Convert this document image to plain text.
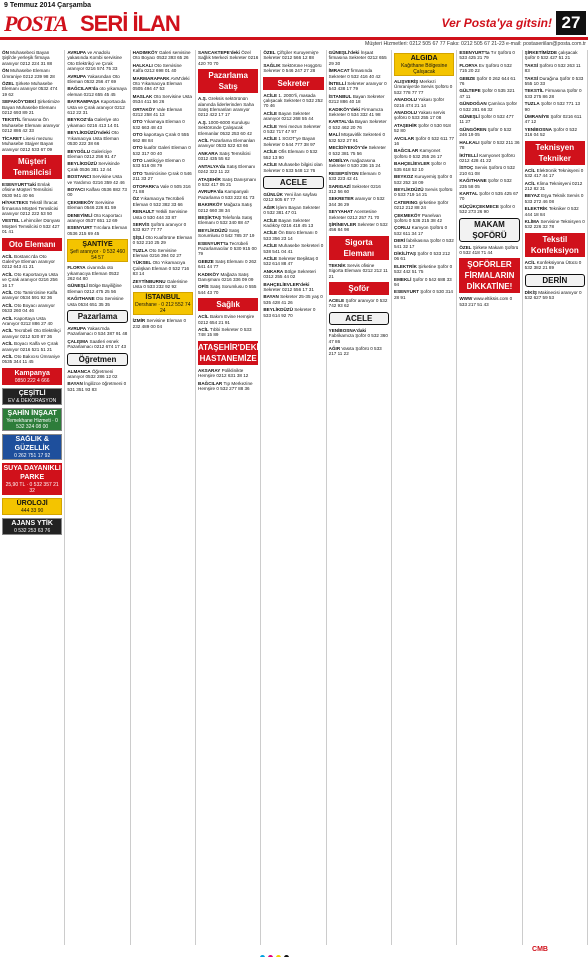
9 Temmuz 2014 Çarşamba
POSTA SERİ İLAN	Ver Posta'ya gitsin! 27
Müşteri Hizmetleri: 0212 505 67 77 Faks: 0212 505 67 21-23 e-mail: postaseriilan@posta.com.tr

ÖN Muhasebeci Bayan Şişli'de yerleşik firmaya aranıyor 0212 224 31 88

ÖN Muhasebe Elemanı Ümraniye 0212 239 98 28

ÖZEL Şirkete Muhasebe Elemanı aranıyor 0532 474 19 62

SEFAKÖY'DEKİ Şirketimize Bayan Muhasebe Elemanı 0212 693 89 21

TEKSTİL firmasına Ön Muhasebe Elemanı aranıyor 0212 886 42 33

TİCARET Lisesi mezunu Muhasebe Stajyer Bayan aranıyor 0212 533 67 09

Müşteri Temsilcisi

ESENYURT'taki Emlak ofisine Müşteri Temsilcisi 0530 941 40 66

HİYAKTEKS Tekstil İhracat firmasına Müşteri Temsilcisi aranıyor 0212 222 53 50

VESTEL Lehimciler Dünyası Müşteri Temsilcisi 0 532 427 01 41

Oto Elemanı

ACİL Bostancı'da Oto Galeri'ye Eleman aranıyor 0212 643 41 21

ACİL Oto Kaportacıya Usta ve Çırak aranıyor 0216 256 16 17

ACİL Oto Tamircisine Kalfa aranıyor 0534 591 92 36

ACİL Oto Boyacı aranıyor 0533 260 04 46

ACİL Kaportaya Usta Aranıyor 0212 886 27 40

ACİL Tecrübeli Oto Elektrikçi aranıyor 0212 520 87 36

ACİL Boyacı Kalfa ve Çırak aranıyor 0216 521 51 21

ACİL Oto Bakıcısı Ümraniye 0535 344 11 45

Kampanya
0850 222 4 666
ÇEŞİTLİ
EV & DEKORASYON
ŞAHİN İNŞAAT
Yemekhane Hizmeti · 0 532 324 08 00
SAĞLIK & GÜZELLİK
0 262 751 17 92
SUYA DAYANIKLI PARKE
25,90 TL · 0 532 357 21 32
ÜROLOJİ
444 33 90
AJANS YTİK
0 532 253 63 76

AVRUPA ve Anadolu yakasında Kombi servisine Oto Elektrikçi ve Çırak aranıyor 0216 574 75 33

AVRUPA Yakasından Oto Eleman 0532 256 47 69

BAĞCILAR'da oto yıkamaya eleman 0212 655 45 45

BAYRAMPAŞA Kaportacıda Usta ve Çırak aranıyor 0212 612 22 31

BEYKOZ'da Galeriye oto yıkamacı 0216 413 14 01

BEYLİKDÜZÜ'ndeki Oto Yıkamacıya Usta Eleman 0530 222 38 66

BEYOĞLU Galericiye Eleman 0212 256 91 47

BEYLİKDÜZÜ Servisinde Çırak 0536 381 12 44

BOSTANCI Servisine Usta ve Yardımcı 0216 359 42 46

BOYACI Kalfası 0536 882 73 00

ÇEKMEKÖY Servisine Eleman 0546 226 81 59

DENEYİMLİ Oto Kaportacı aranıyor 0537 651 12 69

ESENYURT Tırcılara Eleman 0536 215 69 45

ŞANTİYE
Şefi aranıyor · 0 532 460 54 57

FLORYA civarında oto yıkamacıya Eleman 0532 262 64 80

GÜNEŞLİ Bölge Bayiliğine Eleman 0212 475 25 56

KAĞITHANE Oto Servisine Usta 0534 651 35 35

Pazarlama

AVRUPA Yakası'nda Pazarlamacı 0 534 387 91 48

ÇALIŞMA Saatleri esnek Pazarlamacı 0212 674 17 43

Öğretmen

ALMANCA Öğretmeni aranıyor 0532 286 12 02

BAYAN İngilizce öğretmeni 0 531 351 93 83

HADIMKÖY Galeri servisine Oto Boyacı 0532 393 65 26

HALKALI Oto Servisine Kalfa 0212 698 01 40

MARMARAPARK AVM'deki Oto Yıkamacıya Eleman 0505 494 47 53

MASLAK Oto Servisine Usta 0534 411 56 26

ORTAKÖY Vale Eleman 0212 258 41 13

OTO Yıkamaya Eleman 0 532 663 48 43

OTO kaportaya Çırak 0 555 662 88 84

OTO kuaför Galeri Eleman 0 532 317 00 40

OTO Lastikçiye Eleman 0 533 516 08 79

OTO Tamircisine Çırak 0 546 211 33 27

OTOPARK'a Vale 0 505 316 71 88

ÖZ Yıkamacıya Tecrübeli Eleman 0 532 382 33 66

RENAULT Yetkili Servisine Usta 0 530 444 33 87

SERVİS Şoförü aranıyor 0 533 927 77 77

ŞİŞLİ Oto Kuaförüne Eleman 0 532 210 25 29

TUZLA Oto Servisine Eleman 0216 394 02 27

YÜKSEL Oto Yıkamacıya Çalışkan Eleman 0 532 716 83 14

ZEYTİNBURNU Galerisine Usta 0 533 232 92 92

İSTANBUL
Dershane · 0 212 552 74 24

İZMİR Servisine Eleman 0 232 489 00 04

SANCAKTEPE'deki Özel Sağlık Merkezi Sekreter 0216 420 70 70

Pazarlama Satış

A.Ş. Greksis sektörünün alanında liderlerinden Saha Satış Elemanları aranıyor 0212 422 17 17

A.Ş. 1000-6000 Kuruluşu Sektöründe Çalışacak Elemanlar 0532 253 60 42

ACİL Pazarlama Elemanları aranıyor 0533 522 63 66

ANKARA Satış Temsilcisi 0312 435 55 62

ANTALYA'da Satış Elemanı 0242 322 11 22

ATAŞEHİR Satış Danışmanı 0 532 417 05 21

AVRUPA'da Kampanyalı Pazarlama 0 533 222 61 73

BAKIRKÖY Mağaza Satış 0212 660 38 34

BEŞİKTAŞ Telefonla Satış Elemanı 0 532 340 88 47

BEYLİKDÜZÜ Satış Sorumlusu 0 542 785 37 19

ESENYURT'ta Tecrübeli Pazarlamacılar 0 530 915 00 79

GEBZE Satış Elemanı 0 262 641 44 77

KADIKÖY Mağaza Satış Danışmanı 0216 336 09 09

OFİS Satış Sorumlusu 0 555 544 43 70

Sağlık

ACİL Bakım Evine Hemşire 0212 654 21 91

ACİL Tıbbi Sekreter 0 533 748 15 89

ATAŞEHİR'DEKİ HASTANEMİZE

AKSARAY Poliklinikte Hemşire 0212 631 38 12

BAĞCILAR Tıp Merkezine Hemşire 0 532 277 88 36

ÖZEL Çiftçiler Kuruyemiş'e Sekreter 0212 566 12 88

SAĞLIK Sektörüne Hoşgörü Sekreter 0 546 247 27 28

Sekreter

ACİLE 1. 2000'li, masada çalışacak Sekreter 0 532 252 70 46

ACİLE Bayan Sekreter aranıyor 0212 268 55 44

ACİLE Yeni mezun Sekreter 0 532 717 47 97

ACİLE 1 SGOT'ye Bayan Sekreter 0 544 777 38 97

ACİLE Ofis Elemanı 0 532 552 13 90

ACİLE Muhasebe bilgisi olan Sekreter 0 533 548 12 76

ACELE

GÜNLÜK Yeni ilan sayfası 0212 505 67 77

AĞIR İşlem Bayan Sekreter 0 532 381 47 01

ACİLE Bayan Sekreter Kadıköy 0216 418 45 13

ACİLE Ön Büro Elemanı 0 533 356 23 14

ACİLE Muhasebe Sekreteri 0 538 541 04 41

ACİLE Sekreter Beşiktaş 0 532 614 88 47

ANKARA Bölge Sekreteri 0312 255 44 02

BAHÇELİEVLER'deki Sekreter 0212 556 17 31

BAYAN Sekreter 25-35 yaş 0 535 428 41 26

BEYLİKDÜZÜ Sekreter 0 533 614 92 70

GÜNEŞLİ'deki İnşaat firmasına Sekreter 0212 655 29 30

İMRACAT firmasında Sekreter 0 532 416 40 42

İNTELLİ Sekreter aranıyor 0 543 438 17 79

İSTANBUL Bayan Sekreter 0212 886 40 18

KADIKÖY'deki Firmamıza Sekreter 0 534 332 41 98

KARTAL'da Bayan Sekreter 0 532 462 20 76

MALİ Müşavirlik Sekreteri 0 532 522 27 91

MECİDİYEKÖY'de Sekreter 0 532 381 75 56

MOBİLYA mağazasına Sekreter 0 530 236 15 24

RESEPSİYON Elemanı 0 533 223 42 41

SARIGAZİ Sekreter 0216 312 56 60

SEKRETER aranıyor 0 532 344 36 29

SEYYAHAT Acentesine Sekreter 0212 257 71 70

ŞİRİNEVLER Sekreter 0 532 456 84 98

Sigorta Elemanı

TEKNİK Servis ofisine Sigorta Elemanı 0212 212 11 21

Şoför

ACELE Şoför aranıyor 0 532 742 93 62

ACELE

YENİBOSNA'daki Fabrikamıza Şoför 0 532 360 47 86

AĞIR Vasıta Şoförü 0 533 217 11 22

ALGIDA
Kağıthane Bölgesine Çalışacak

ALIŞVERİŞ Merkezi Ümraniye'de Servis Şoförü 0 532 778 77 77

ANADOLU Yakası Şoför 0216 474 21 14

ANADOLU Yakası servis şoförü 0 533 255 17 08

ATAŞEHİR Şoför 0 530 918 52 80

AVCILAR Şoför 0 532 611 77 16

BAĞCILAR Kamyonet Şoförü 0 532 255 26 17

BAHÇELİEVLER Şoför 0 535 618 52 10

BEYKOZ Kuruyemiş Şoför 0 532 252 18 09

BEYLİKDÜZÜ Servis Şoförü 0 533 719 14 21

CATERING şirketine Şoför 0212 212 88 24

ÇEKMEKÖY Panelvan Şoförü 0 536 215 38 42

ÇORLU Kamyon Şoförü 0 532 611 34 17

DERİ fabrikasına Şoför 0 532 541 32 17

DİKİLİTAŞ Şoför 0 533 212 06 61

ELEKTRİK Şirketine Şoför 0 532 442 51 75

EMEKLİ Şoför 0 542 688 33 94

ESENYURT Şoför 0 530 314 28 91

ESENYURT'ta Tır Şoförü 0 533 425 21 79

FLORYA Ev Şoförü 0 532 715 20 22

GEBZE Şoför 0 262 644 61 76

GÜLTEPE Şoför 0 535 321 47 11

GÜNDOĞAN Çamlıca Şoför 0 532 281 66 32

GÜNEŞLİ Şoför 0 532 477 11 27

GÜNGÖREN Şoför 0 532 246 19 05

HALKALI Şoför 0 532 211 36 78

İKİTELLİ Kamyonet Şoförü 0212 428 41 22

İSTOÇ Servis Şoförü 0 532 210 61 08

KAĞITHANE Şoför 0 532 235 58 05

KARTAL Şoför 0 535 425 67 70

KÜÇÜKÇEKMECE Şoför 0 532 273 26 90

MAKAM ŞOFÖRÜ

ÖZEL Şirkete Makam Şoförü 0 532 418 71 44

ŞOFÖRLER FİRMALARIN DİKKATİNE!

WWW www.eltiksis.com 0 533 217 51 43

ŞİRKETİMİZDE çalışacak Şoför 0 532 427 51 21

TAKSİ Şoförü 0 532 263 11 83

TAKSİ Durağına Şoför 0 533 555 10 33

TEKSTİL Firmasına Şoför 0 533 275 86 28

TUZLA Şoför 0 532 771 13 90

ÜMRANİYE Şoför 0216 611 47 12

YENİBOSNA Şoför 0 532 316 04 52

Teknisyen Tekniker

ACİL Elektronik Teknisyeni 0 532 417 44 17

ACİL Klima Teknisyeni 0212 212 82 31

BEYAZ Eşya Teknik Servis 0 533 272 46 08

ELEKTRİK Tekniker 0 532 444 18 84

KLİMA Servisine Teknisyen 0 532 226 32 78

Tekstil Konfeksiyon

ACİL Konfeksiyona Ütücü 0 532 382 21 89

DERİN

DİKİŞ Makinecisi aranıyor 0 532 627 59 53

CMB
